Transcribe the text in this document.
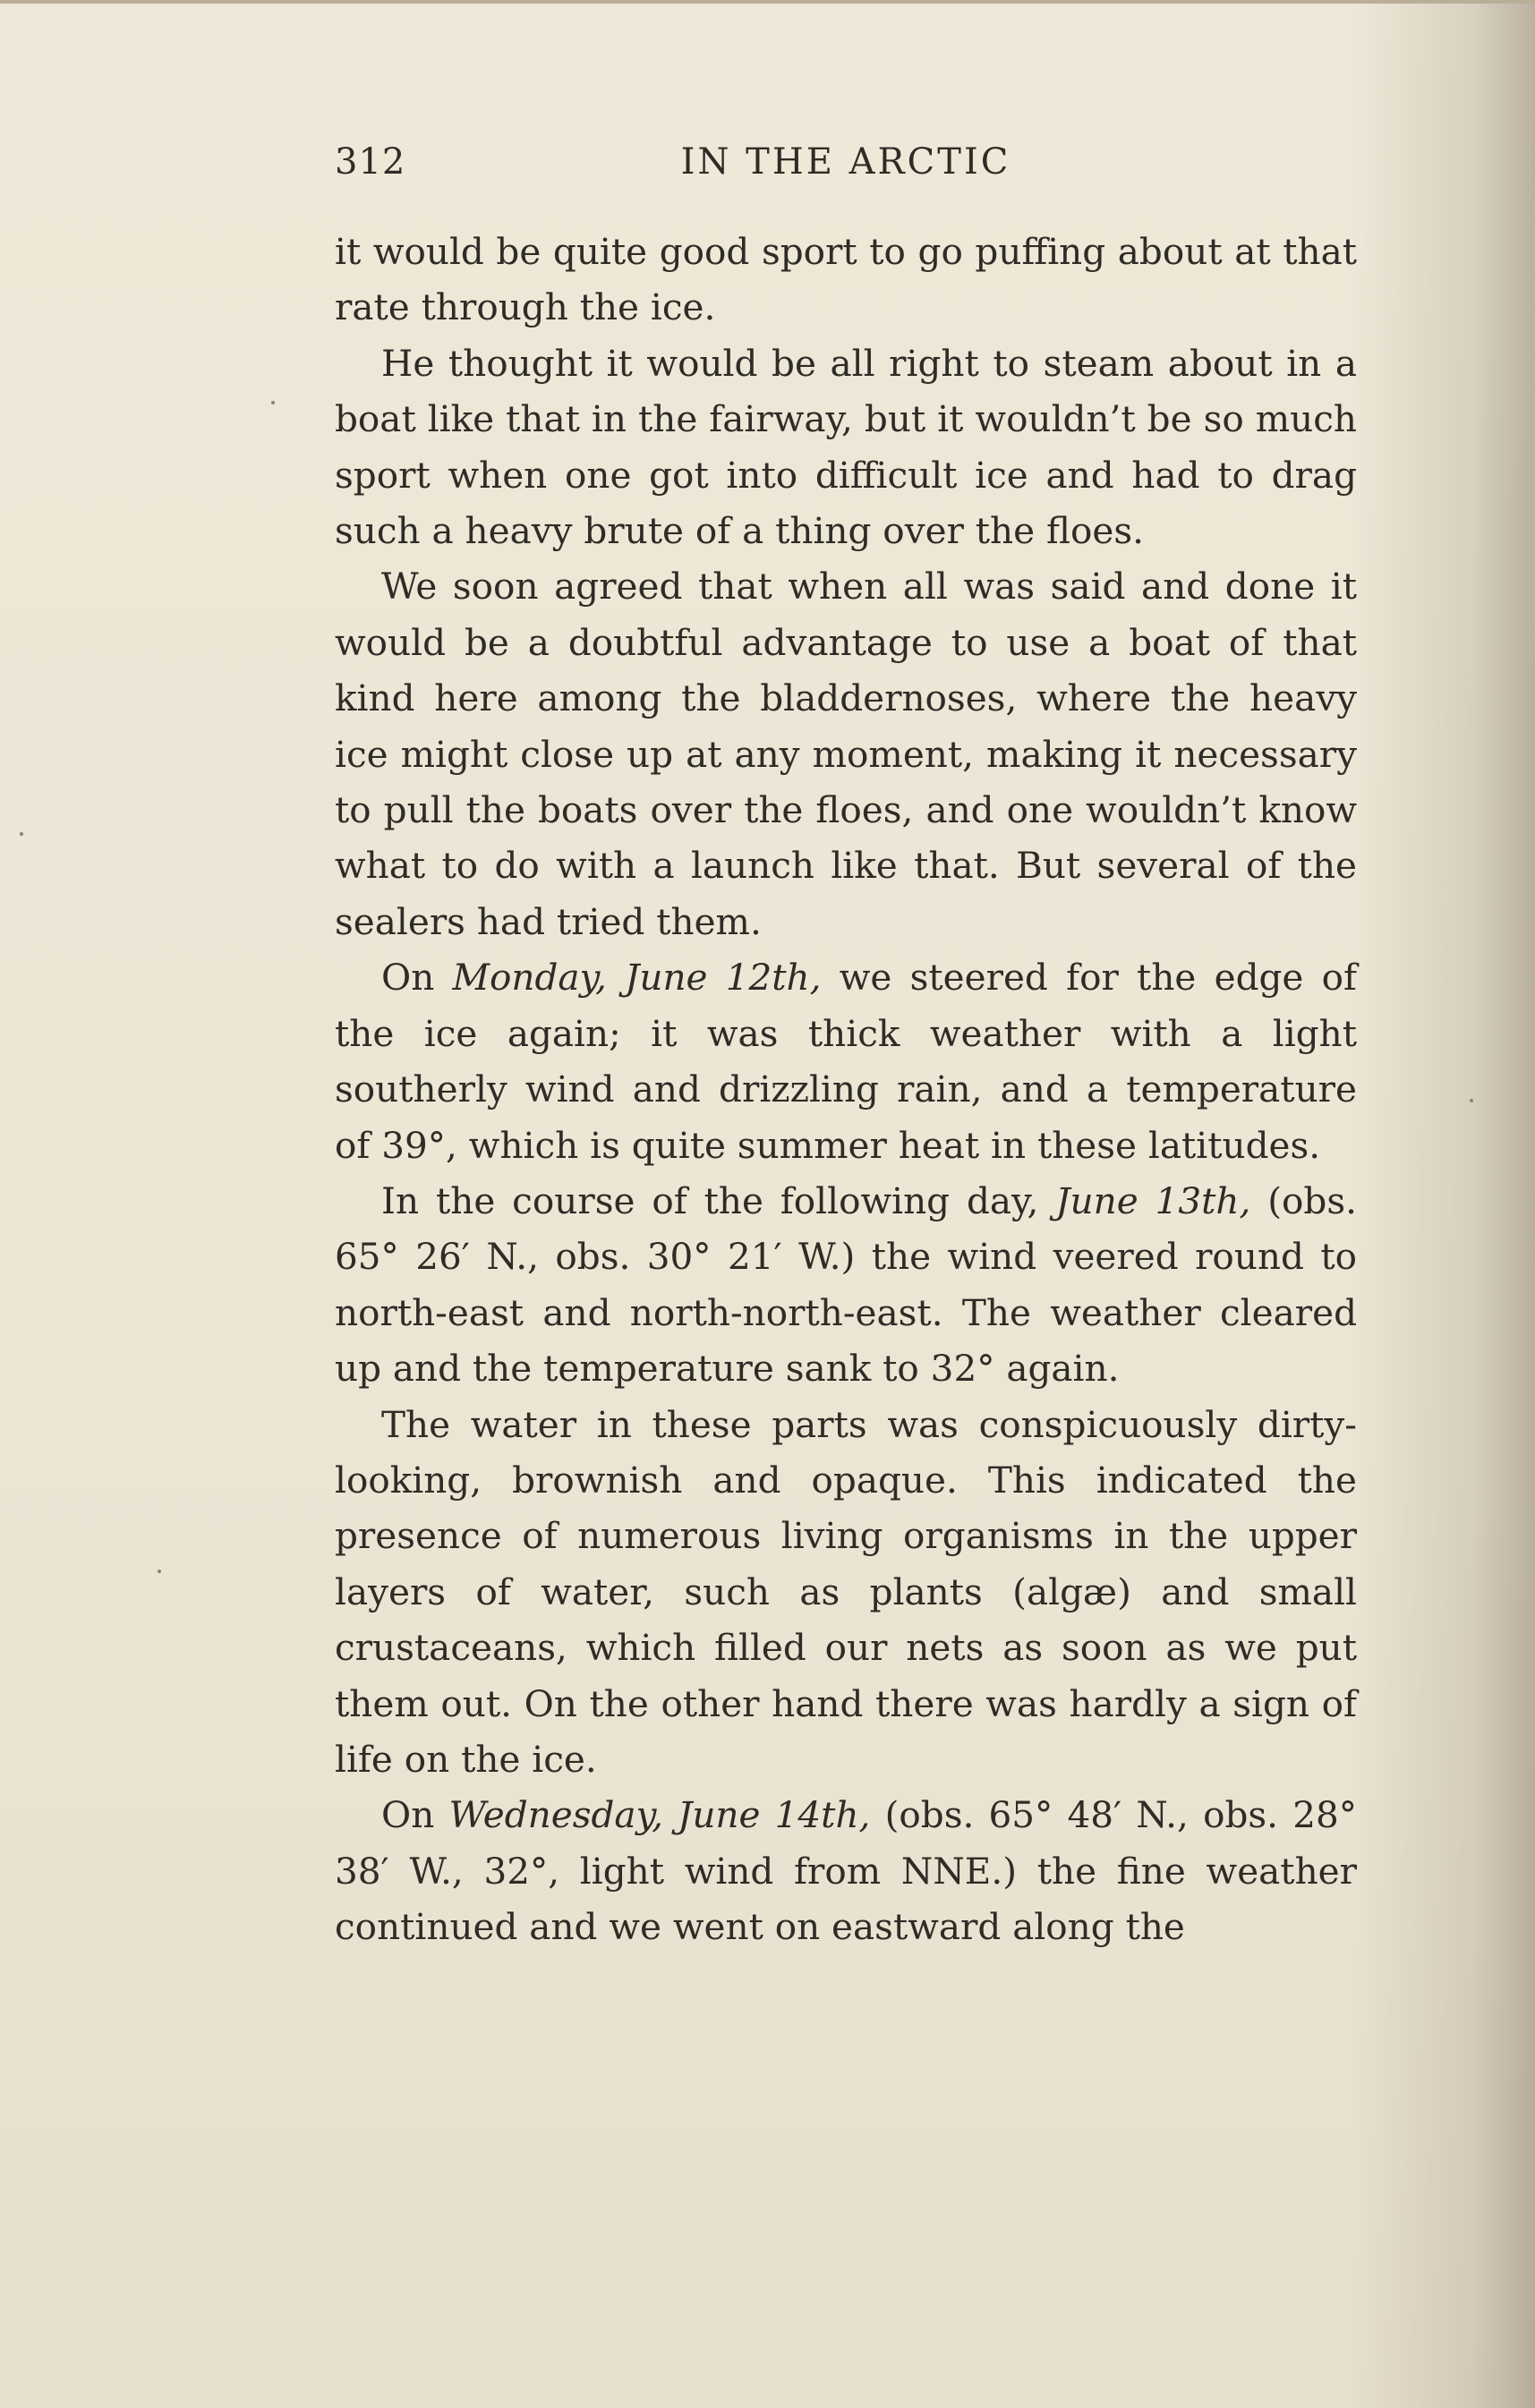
312	IN THE ARCTIC

it would be quite good sport to go puffing about at that rate through the ice.

He thought it would be all right to steam about in a boat like that in the fairway, but it wouldn’t be so much sport when one got into difficult ice and had to drag such a heavy brute of a thing over the floes.

We soon agreed that when all was said and done it would be a doubtful advantage to use a boat of that kind here among the bladdernoses, where the heavy ice might close up at any moment, making it necessary to pull the boats over the floes, and one wouldn’t know what to do with a launch like that. But several of the sealers had tried them.

On Monday, June 12th, we steered for the edge of the ice again; it was thick weather with a light southerly wind and drizzling rain, and a temperature of 39°, which is quite summer heat in these latitudes.

In the course of the following day, June 13th, (obs. 65° 26′ N., obs. 30° 21′ W.) the wind veered round to north-east and north-north-east. The weather cleared up and the temperature sank to 32° again.

The water in these parts was conspicuously dirty-looking, brownish and opaque. This indicated the presence of numerous living organisms in the upper layers of water, such as plants (algæ) and small crustaceans, which filled our nets as soon as we put them out. On the other hand there was hardly a sign of life on the ice.

On Wednesday, June 14th, (obs. 65° 48′ N., obs. 28° 38′ W., 32°, light wind from NNE.) the fine weather continued and we went on eastward along the
